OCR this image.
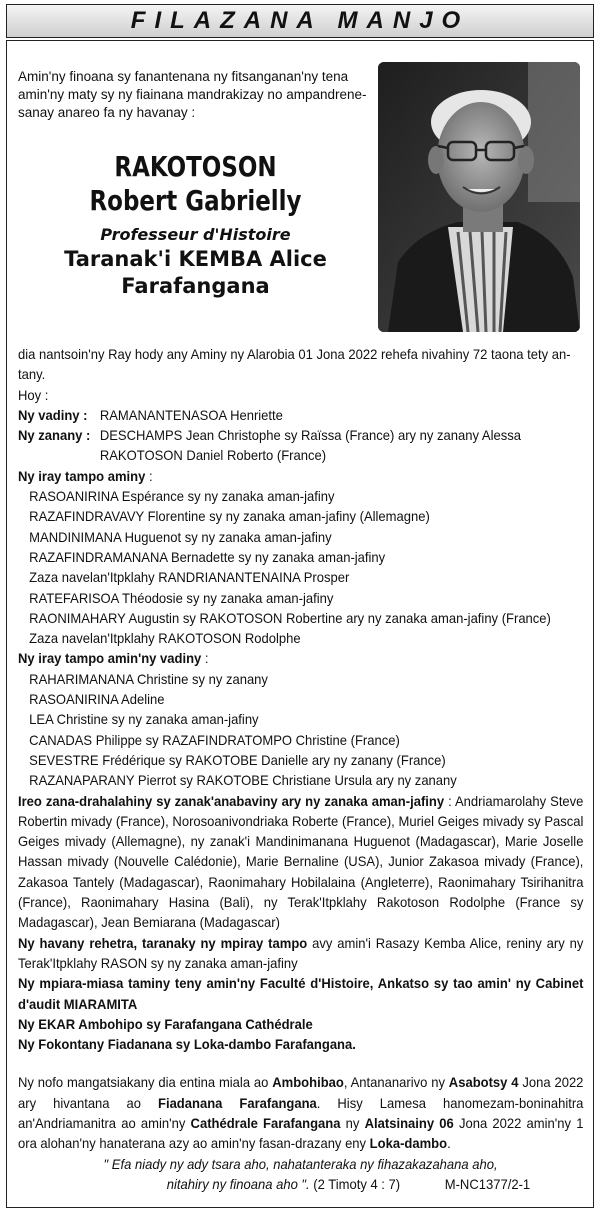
FILAZANA MANJO

Amin'ny finoana sy fanantenana ny fitsanganan'ny tena amin'ny maty sy ny fiainana mandrakizay no ampandrene- sanay anareo fa ny havanay :

RAKOTOSON
Robert Gabrielly
Professeur d'Histoire
Taranak'i KEMBA Alice
Farafangana

dia nantsoin'ny Ray hody any Aminy ny Alarobia 01 Jona 2022 rehefa nivahiny 72 taona tety an-tany.

Hoy :

Ny vadiny : RAMANANTENASOA Henriette
Ny zanany : DESCHAMPS Jean Christophe sy Raïssa (France) ary ny zanany Alessa
RAKOTOSON Daniel Roberto (France)

Ny iray tampo aminy :

RASOANIRINA Espérance sy ny zanaka aman-jafiny
RAZAFINDRAVAVY Florentine sy ny zanaka aman-jafiny (Allemagne)
MANDINIMANA Huguenot sy ny zanaka aman-jafiny
RAZAFINDRAMANANA Bernadette sy ny zanaka aman-jafiny
Zaza navelan'Itpklahy RANDRIANANTENAINA Prosper
RATEFARISOA Théodosie sy ny zanaka aman-jafiny
RAONIMAHARY Augustin sy RAKOTOSON Robertine ary ny zanaka aman-jafiny (France)
Zaza navelan'Itpklahy RAKOTOSON Rodolphe

Ny iray tampo amin'ny vadiny :

RAHARIMANANA Christine sy ny zanany
RASOANIRINA Adeline
LEA Christine sy ny zanaka aman-jafiny
CANADAS Philippe sy RAZAFINDRATOMPO Christine (France)
SEVESTRE Frédérique sy RAKOTOBE Danielle ary ny zanany (France)
RAZANAPARANY Pierrot sy RAKOTOBE Christiane Ursula ary ny zanany

Ireo zana-drahalahiny sy zanak'anabaviny ary ny zanaka aman-jafiny : Andriamarolahy Steve Robertin mivady (France), Norosoanivondriaka Roberte (France), Muriel Geiges mivady sy Pascal Geiges mivady (Allemagne), ny zanak'i Mandinimanana Huguenot (Madagascar), Marie Joselle Hassan mivady (Nouvelle Calédonie), Marie Bernaline (USA), Junior Zakasoa mivady (France), Zakasoa Tantely (Madagascar), Raonimahary Hobilalaina (Angleterre), Raonimahary Tsirihanitra (France), Raonimahary Hasina (Bali), ny Terak'Itpklahy Rakotoson Rodolphe (France sy Madagascar), Jean Bemiarana (Madagascar)

Ny havany rehetra, taranaky ny mpiray tampo avy amin'i Rasazy Kemba Alice, reniny ary ny Terak'Itpklahy RASON sy ny zanaka aman-jafiny

Ny mpiara-miasa taminy teny amin'ny Faculté d'Histoire, Ankatso sy tao amin' ny Cabinet d'audit MIARAMITA

Ny EKAR Ambohipo sy Farafangana Cathédrale

Ny Fokontany Fiadanana sy Loka-dambo Farafangana.

Ny nofo mangatsiakany dia entina miala ao Ambohibao, Antananarivo ny Asabotsy 4 Jona 2022 ary hivantana ao Fiadanana Farafangana. Hisy Lamesa hanomezam-boninahitra an'Andriamanitra ao amin'ny Cathédrale Farafangana ny Alatsinainy 06 Jona 2022 amin'ny 1 ora alohan'ny hanaterana azy ao amin'ny fasan-drazany eny Loka-dambo.

" Efa niady ny ady tsara aho, nahatanteraka ny fihazakazahana aho,
nitahiry ny finoana aho ". (2 Timoty 4 : 7)	M-NC1377/2-1
